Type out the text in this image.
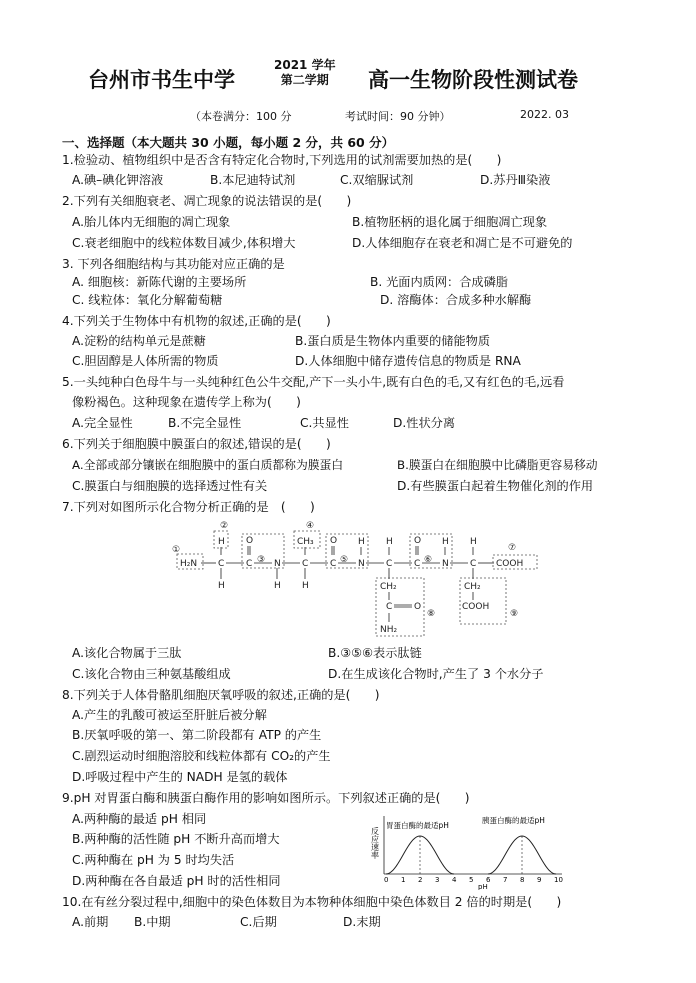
台州市书生中学
2021 学年
第二学期	高一生物阶段性测试卷
（本卷满分：100 分	考试时间：90 分钟）	2022. 03
一、选择题（本大题共 30 小题，每小题 2 分，共 60 分）
1.检验动、植物组织中是否含有特定化合物时,下列选用的试剂需要加热的是(　　)
A.碘–碘化钾溶液	B.本尼迪特试剂	C.双缩脲试剂	D.苏丹Ⅲ染液
2.下列有关细胞衰老、凋亡现象的说法错误的是(　　)
A.胎儿体内无细胞的凋亡现象	B.植物胚柄的退化属于细胞凋亡现象
C.衰老细胞中的线粒体数目减少,体积增大	D.人体细胞存在衰老和凋亡是不可避免的
3. 下列各细胞结构与其功能对应正确的是
A. 细胞核：新陈代谢的主要场所	B. 光面内质网：合成磷脂
C. 线粒体：氧化分解葡萄糖	D. 溶酶体：合成多种水解酶
4.下列关于生物体中有机物的叙述,正确的是(　　)
A.淀粉的结构单元是蔗糖	B.蛋白质是生物体内重要的储能物质
C.胆固醇是人体所需的物质	D.人体细胞中储存遗传信息的物质是 RNA
5.一头纯种白色母牛与一头纯种红色公牛交配,产下一头小牛,既有白色的毛,又有红色的毛,远看
像粉褐色。这种现象在遗传学上称为(　　)
A.完全显性	B.不完全显性	C.共显性	D.性状分离
6.下列关于细胞膜中膜蛋白的叙述,错误的是(　　)
A.全部或部分镶嵌在细胞膜中的蛋白质都称为膜蛋白	B.膜蛋白在细胞膜中比磷脂更容易移动
C.膜蛋白与细胞膜的选择透过性有关	D.有些膜蛋白起着生物催化剂的作用
7.下列对如图所示化合物分析正确的是　(　　)
①
②
③
④
⑤	⑥
⑦
⑧	⑨
H₂N C
H
H
C
O
N
H
C
CH₃
H
C
O
N
H
C
H
C
O
N
H
C
H
COOH
CH₂
C O
NH₂
CH₂
COOH
A.该化合物属于三肽	B.③⑤⑥表示肽链
C.该化合物由三种氨基酸组成	D.在生成该化合物时,产生了 3 个水分子
8.下列关于人体骨骼肌细胞厌氧呼吸的叙述,正确的是(　　)
A.产生的乳酸可被运至肝脏后被分解
B.厌氧呼吸的第一、第二阶段都有 ATP 的产生
C.剧烈运动时细胞溶胶和线粒体都有 CO₂的产生
D.呼吸过程中产生的 NADH 是氢的载体
9.pH 对胃蛋白酶和胰蛋白酶作用的影响如图所示。下列叙述正确的是(　　)
A.两种酶的最适 pH 相同
B.两种酶的活性随 pH 不断升高而增大
C.两种酶在 pH 为 5 时均失活
D.两种酶在各自最适 pH 时的活性相同
反应速率
胃蛋白酶的最适pH
胰蛋白酶的最适pH
0 1 2 3 4 5 6 7 8 9 10
pH
10.在有丝分裂过程中,细胞中的染色体数目为本物种体细胞中染色体数目 2 倍的时期是(　　)
A.前期 B.中期	C.后期	D.末期
